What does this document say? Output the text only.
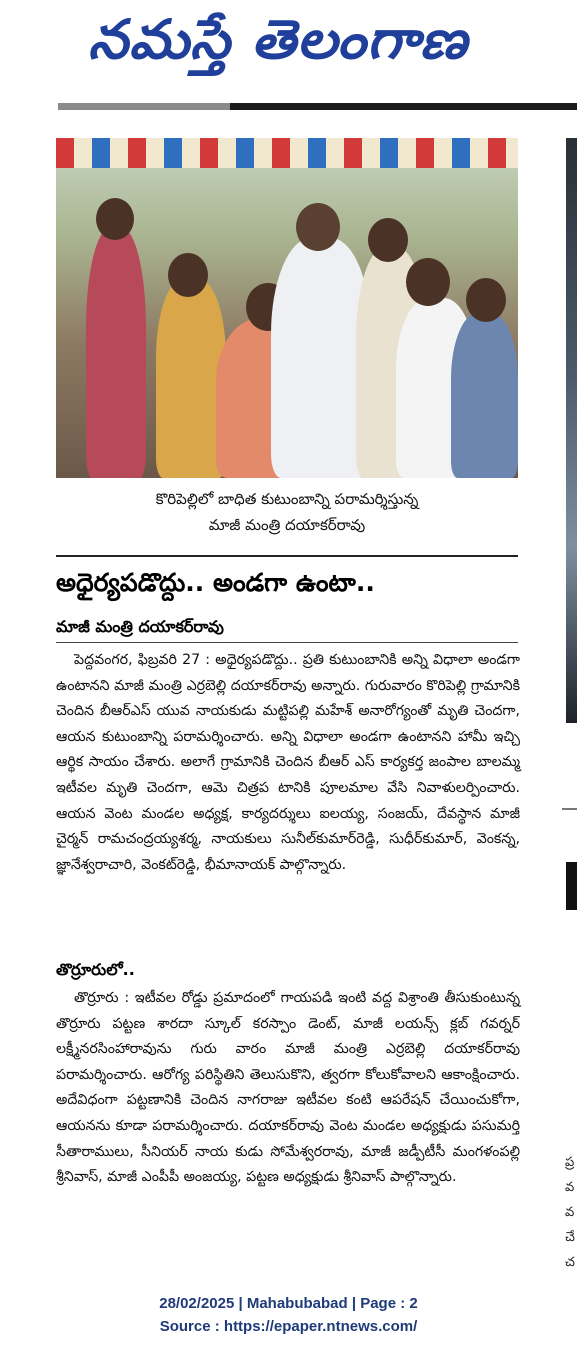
నమస్తే తెలంగాణ
ప్ర వ వ చే చ
కొరిపెల్లిలో బాధిత కుటుంబాన్ని పరామర్శిస్తున్న
మాజీ మంత్రి దయాకర్‌రావు
అధైర్యపడొద్దు.. అండగా ఉంటా..
మాజీ మంత్రి దయాకర్‌రావు
పెద్దవంగర, ఫిబ్రవరి 27 : అధైర్యపడొద్దు.. ప్రతి కుటుంబానికి అన్ని విధాలా అండగా ఉంటానని మాజీ మంత్రి ఎర్రబెల్లి దయాకర్‌రావు అన్నారు. గురువారం కొరిపెల్లి గ్రామానికి చెందిన బీఆర్‌ఎస్ యువ నాయకుడు మట్టిపల్లి మహేశ్ అనారోగ్యంతో మృతి చెందగా, ఆయన కుటుంబాన్ని పరామర్శించారు. అన్ని విధాలా అండగా ఉంటానని హామీ ఇచ్చి ఆర్థిక సాయం చేశారు. అలాగే గ్రామానికి చెందిన బీఆర్ ఎస్ కార్యకర్త జంపాల బాలమ్మ ఇటీవల మృతి చెందగా, ఆమె చిత్రప టానికి పూలమాల వేసి నివాళులర్పించారు. ఆయన వెంట మండల అధ్యక్ష, కార్యదర్శులు ఐలయ్య, సంజయ్, దేవస్థాన మాజీ చైర్మన్ రామచంద్రయ్యశర్మ, నాయకులు సునీల్‌కుమార్‌రెడ్డి, సుధీర్‌కుమార్, వెంకన్న, జ్ఞానేశ్వరాచారి, వెంకట్‌రెడ్డి, భీమానాయక్ పాల్గొన్నారు.
తొర్రూరులో..
తొర్రూరు : ఇటీవల రోడ్డు ప్రమాదంలో గాయపడి ఇంటి వద్ద విశ్రాంతి తీసుకుంటున్న తొర్రూరు పట్టణ శారదా స్కూల్ కరస్పాం డెంట్, మాజీ లయన్స్ క్లబ్ గవర్నర్ లక్ష్మీనరసింహారావును గురు వారం మాజీ మంత్రి ఎర్రబెల్లి దయాకర్‌రావు పరామర్శించారు. ఆరోగ్య పరిస్థితిని తెలుసుకొని, త్వరగా కోలుకోవాలని ఆకాంక్షించారు. అదేవిధంగా పట్టణానికి చెందిన నాగరాజు ఇటీవల కంటి ఆపరేషన్ చేయించుకోగా, ఆయనను కూడా పరామర్శించారు. దయాకర్‌రావు వెంట మండల అధ్యక్షుడు పసుమర్తి సీతారాములు, సీనియర్ నాయ కుడు సోమేశ్వరరావు, మాజీ జడ్పీటీసీ మంగళంపల్లి శ్రీనివాస్, మాజీ ఎంపీపీ అంజయ్య, పట్టణ అధ్యక్షుడు శ్రీనివాస్ పాల్గొన్నారు.
28/02/2025 | Mahabubabad | Page : 2
Source : https://epaper.ntnews.com/
